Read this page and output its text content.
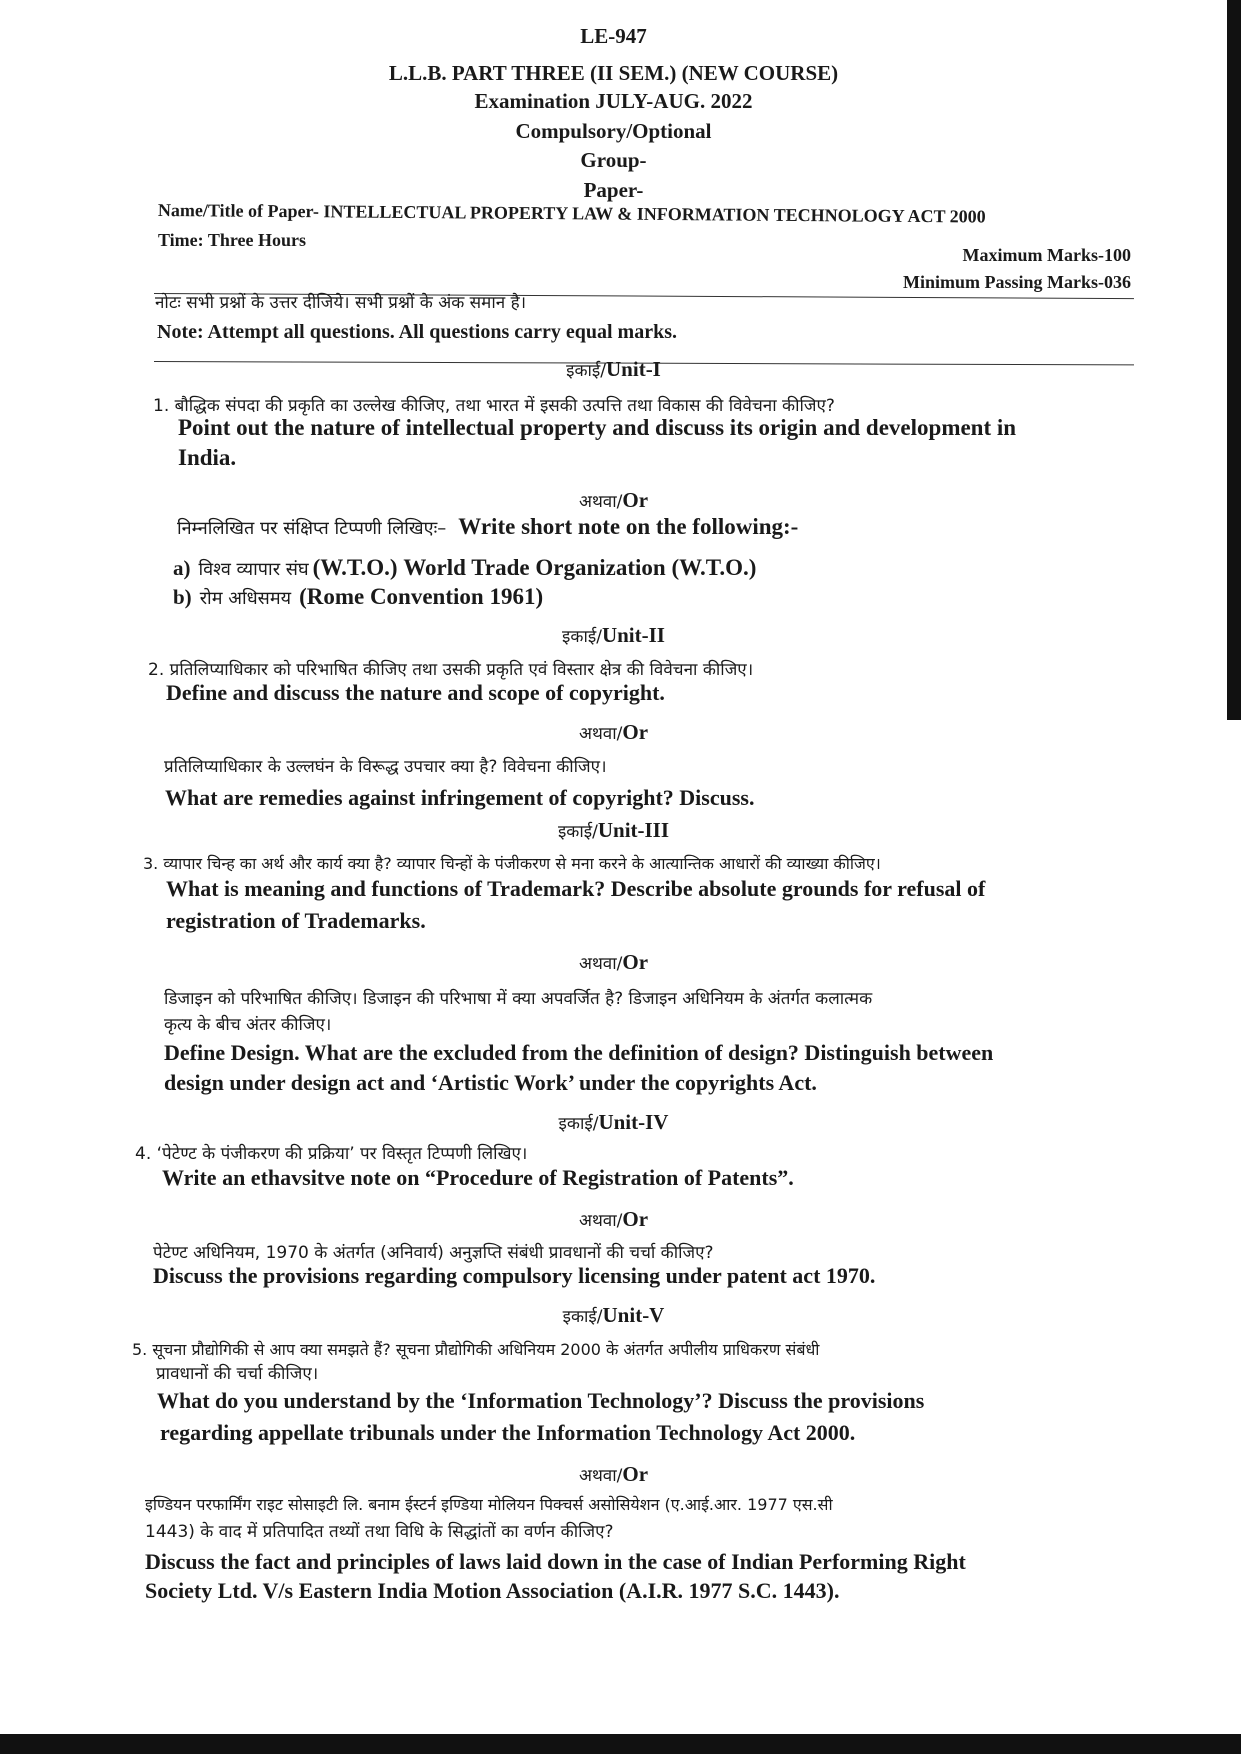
LE-947
L.L.B. PART THREE (II SEM.) (NEW COURSE)
Examination JULY-AUG. 2022
Compulsory/Optional
Group-
Paper-
Name/Title of Paper- INTELLECTUAL PROPERTY LAW & INFORMATION TECHNOLOGY ACT 2000
Time: Three Hours
Maximum Marks-100
Minimum Passing Marks-036
नोटः सभी प्रश्नों के उत्तर दीजिये। सभी प्रश्नों के अंक समान है।
Note: Attempt all questions. All questions carry equal marks.
इकाई/Unit-I
1. बौद्धिक संपदा की प्रकृति का उल्लेख कीजिए, तथा भारत में इसकी उत्पत्ति तथा विकास की विवेचना कीजिए?
Point out the nature of intellectual property and discuss its origin and development in
India.
अथवा/Or
निम्नलिखित पर संक्षिप्त टिप्पणी लिखिएः– Write short note on the following:-
a) विश्व व्यापार संघ (W.T.O.) World Trade Organization (W.T.O.)
b) रोम अधिसमय (Rome Convention 1961)
इकाई/Unit-II
2. प्रतिलिप्याधिकार को परिभाषित कीजिए तथा उसकी प्रकृति एवं विस्तार क्षेत्र की विवेचना कीजिए।
Define and discuss the nature and scope of copyright.
अथवा/Or
प्रतिलिप्याधिकार के उल्लघंन के विरूद्ध उपचार क्या है? विवेचना कीजिए।
What are remedies against infringement of copyright? Discuss.
इकाई/Unit-III
3. व्यापार चिन्ह का अर्थ और कार्य क्या है? व्यापार चिन्हों के पंजीकरण से मना करने के आत्यान्तिक आधारों की व्याख्या कीजिए।
What is meaning and functions of Trademark? Describe absolute grounds for refusal of
registration of Trademarks.
अथवा/Or
डिजाइन को परिभाषित कीजिए। डिजाइन की परिभाषा में क्या अपवर्जित है? डिजाइन अधिनियम के अंतर्गत कलात्मक
कृत्य के बीच अंतर कीजिए।
Define Design. What are the excluded from the definition of design? Distinguish between
design under design act and ‘Artistic Work’ under the copyrights Act.
इकाई/Unit-IV
4. ‘पेटेण्ट के पंजीकरण की प्रक्रिया’ पर विस्तृत टिप्पणी लिखिए।
Write an ethavsitve note on “Procedure of Registration of Patents”.
अथवा/Or
पेटेण्ट अधिनियम, 1970 के अंतर्गत (अनिवार्य) अनुज्ञप्ति संबंधी प्रावधानों की चर्चा कीजिए?
Discuss the provisions regarding compulsory licensing under patent act 1970.
इकाई/Unit-V
5. सूचना प्रौद्योगिकी से आप क्या समझते हैं? सूचना प्रौद्योगिकी अधिनियम 2000 के अंतर्गत अपीलीय प्राधिकरण संबंधी
प्रावधानों की चर्चा कीजिए।
What do you understand by the ‘Information Technology’? Discuss the provisions
regarding appellate tribunals under the Information Technology Act 2000.
अथवा/Or
इण्डियन परफार्मिंग राइट सोसाइटी लि. बनाम ईस्टर्न इण्डिया मोलियन पिक्चर्स असोसियेशन (ए.आई.आर. 1977 एस.सी
1443) के वाद में प्रतिपादित तथ्यों तथा विधि के सिद्धांतों का वर्णन कीजिए?
Discuss the fact and principles of laws laid down in the case of Indian Performing Right
Society Ltd. V/s Eastern India Motion Association (A.I.R. 1977 S.C. 1443).
